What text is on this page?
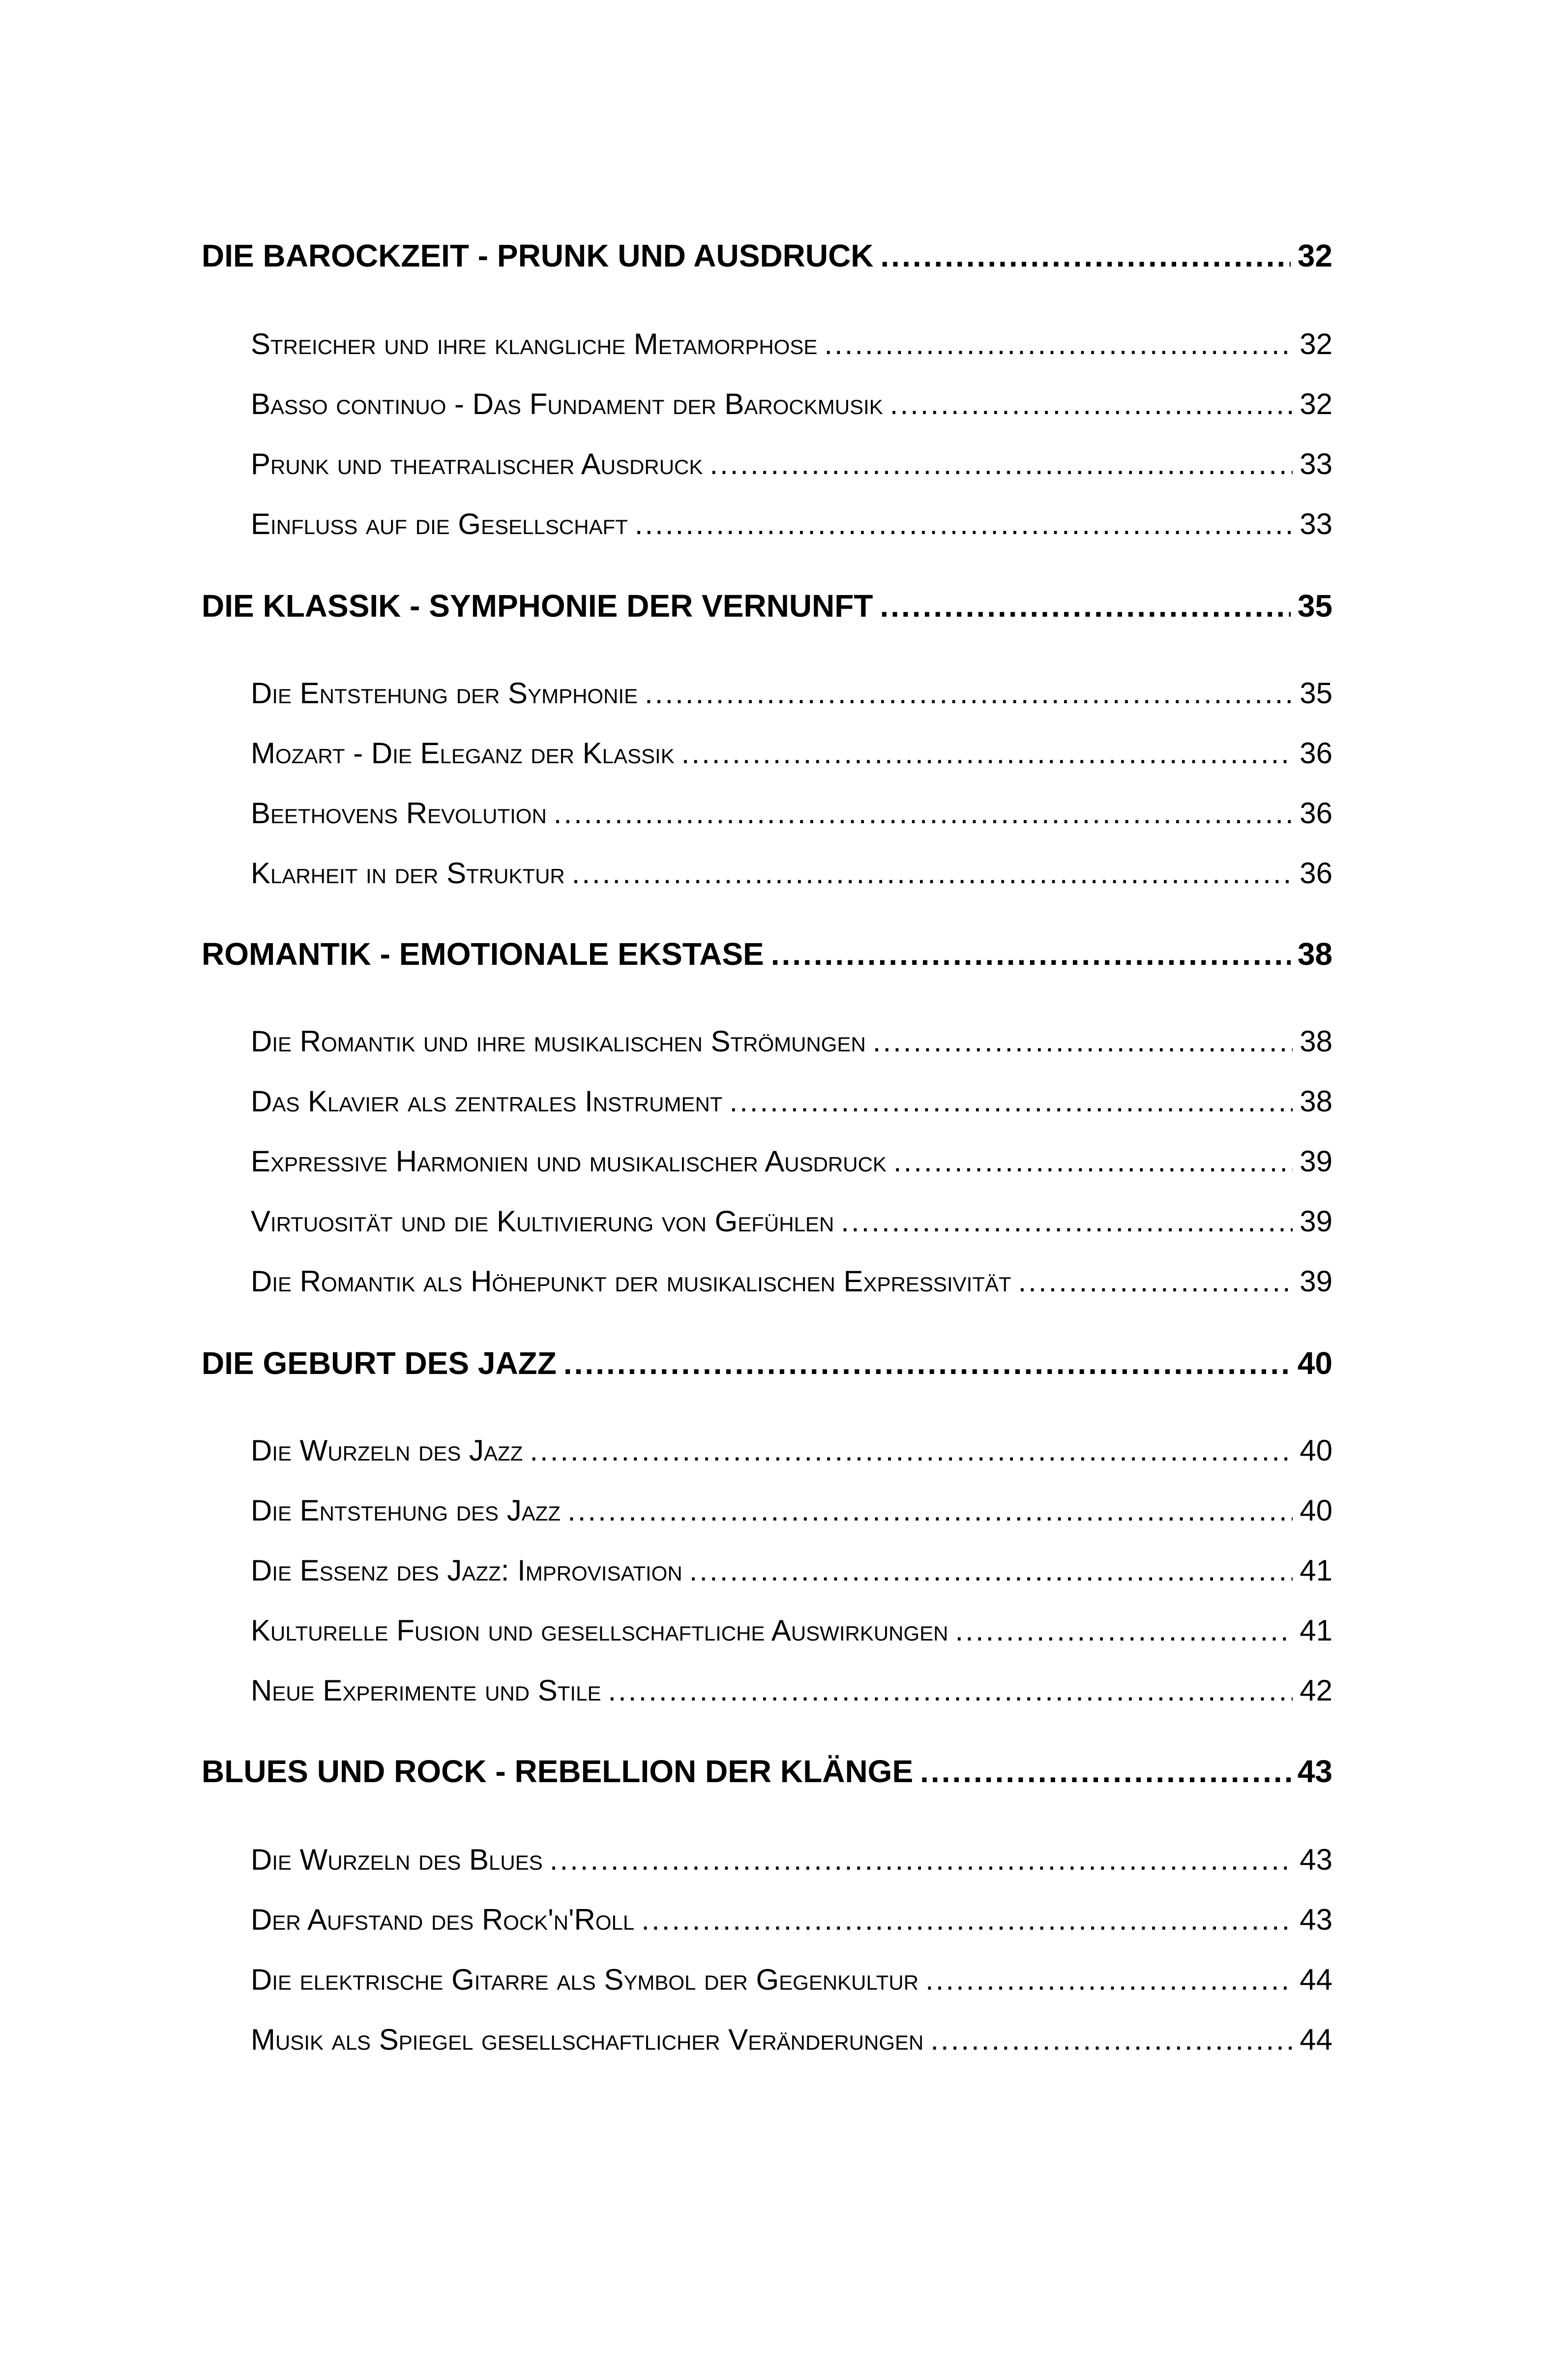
DIE BAROCKZEIT - PRUNK UND AUSDRUCK .....	32
Streicher und ihre klangliche Metamorphose .....	32
Basso continuo - Das Fundament der Barockmusik .....	32
Prunk und theatralischer Ausdruck .....	33
Einfluss auf die Gesellschaft .....	33
DIE KLASSIK - SYMPHONIE DER VERNUNFT .....	35
Die Entstehung der Symphonie .....	35
Mozart - Die Eleganz der Klassik .....	36
Beethovens Revolution .....	36
Klarheit in der Struktur .....	36
ROMANTIK - EMOTIONALE EKSTASE .....	38
Die Romantik und ihre musikalischen Strömungen .....	38
Das Klavier als zentrales Instrument .....	38
Expressive Harmonien und musikalischer Ausdruck .....	39
Virtuosität und die Kultivierung von Gefühlen .....	39
Die Romantik als Höhepunkt der musikalischen Expressivität .....	39
DIE GEBURT DES JAZZ .....	40
Die Wurzeln des Jazz .....	40
Die Entstehung des Jazz .....	40
Die Essenz des Jazz: Improvisation .....	41
Kulturelle Fusion und gesellschaftliche Auswirkungen .....	41
Neue Experimente und Stile .....	42
BLUES UND ROCK - REBELLION DER KLÄNGE .....	43
Die Wurzeln des Blues .....	43
Der Aufstand des Rock'n'Roll .....	43
Die elektrische Gitarre als Symbol der Gegenkultur .....	44
Musik als Spiegel gesellschaftlicher Veränderungen .....	44
